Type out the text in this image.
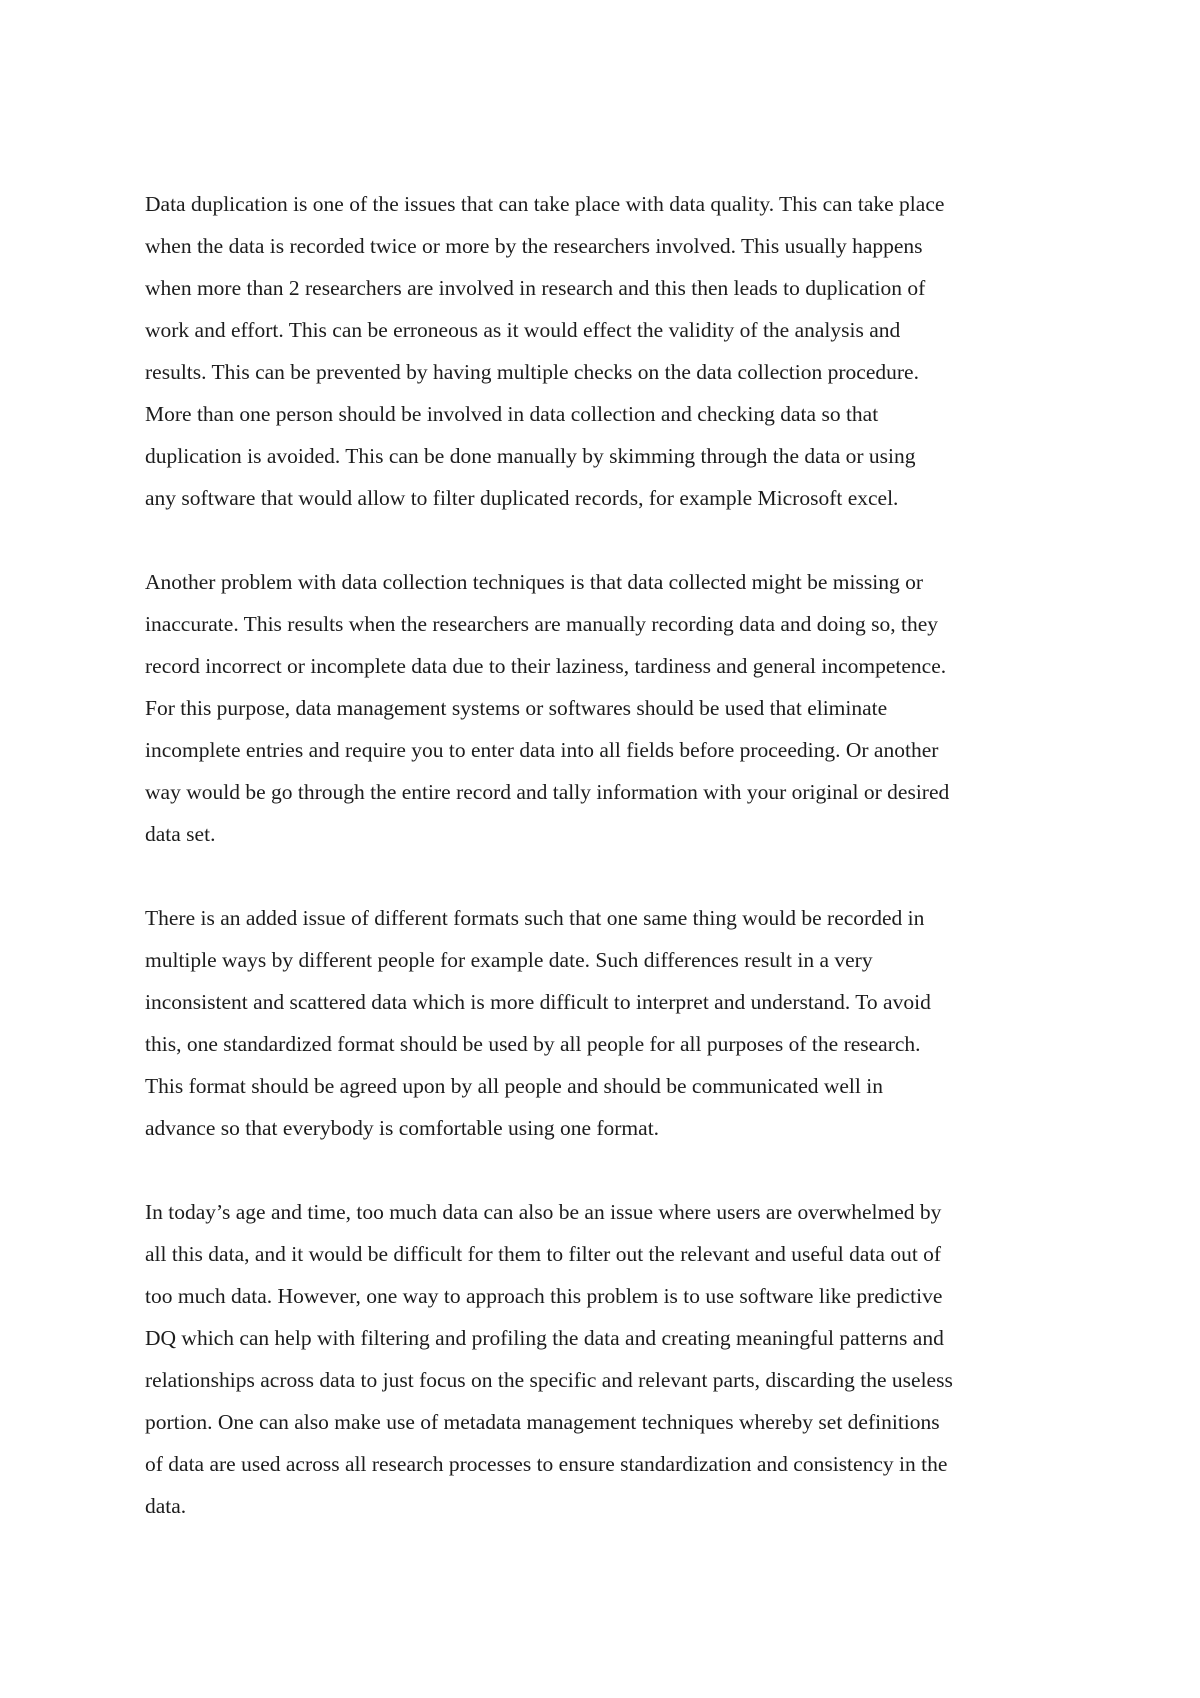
Data duplication is one of the issues that can take place with data quality. This can take place
when the data is recorded twice or more by the researchers involved. This usually happens
when more than 2 researchers are involved in research and this then leads to duplication of
work and effort. This can be erroneous as it would effect the validity of the analysis and
results. This can be prevented by having multiple checks on the data collection procedure.
More than one person should be involved in data collection and checking data so that
duplication is avoided. This can be done manually by skimming through the data or using
any software that would allow to filter duplicated records, for example Microsoft excel.

Another problem with data collection techniques is that data collected might be missing or
inaccurate. This results when the researchers are manually recording data and doing so, they
record incorrect or incomplete data due to their laziness, tardiness and general incompetence.
For this purpose, data management systems or softwares should be used that eliminate
incomplete entries and require you to enter data into all fields before proceeding. Or another
way would be go through the entire record and tally information with your original or desired
data set.

There is an added issue of different formats such that one same thing would be recorded in
multiple ways by different people for example date. Such differences result in a very
inconsistent and scattered data which is more difficult to interpret and understand. To avoid
this, one standardized format should be used by all people for all purposes of the research.
This format should be agreed upon by all people and should be communicated well in
advance so that everybody is comfortable using one format.

In today’s age and time, too much data can also be an issue where users are overwhelmed by
all this data, and it would be difficult for them to filter out the relevant and useful data out of
too much data. However, one way to approach this problem is to use software like predictive
DQ which can help with filtering and profiling the data and creating meaningful patterns and
relationships across data to just focus on the specific and relevant parts, discarding the useless
portion. One can also make use of metadata management techniques whereby set definitions
of data are used across all research processes to ensure standardization and consistency in the
data.
